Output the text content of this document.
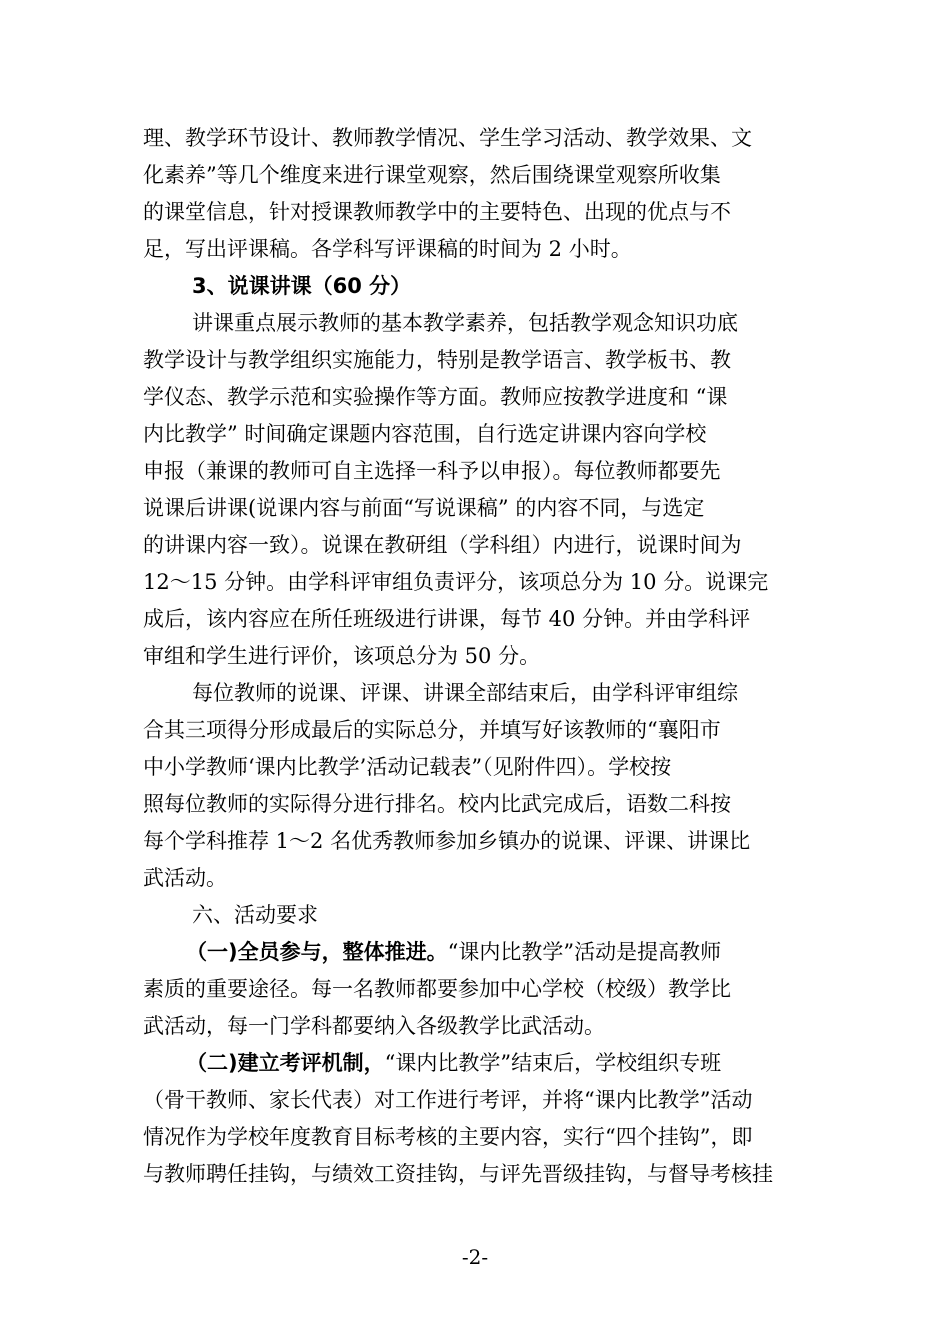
理、教学环节设计、教师教学情况、学生学习活动、教学效果、文
化素养”等几个维度来进行课堂观察，然后围绕课堂观察所收集
的课堂信息，针对授课教师教学中的主要特色、出现的优点与不
足，写出评课稿。各学科写评课稿的时间为 2 小时。
3、说课讲课（60 分）
讲课重点展示教师的基本教学素养，包括教学观念知识功底
教学设计与教学组织实施能力，特别是教学语言、教学板书、教
学仪态、教学示范和实验操作等方面。教师应按教学进度和 “课
内比教学” 时间确定课题内容范围，自行选定讲课内容向学校
申报（兼课的教师可自主选择一科予以申报）。每位教师都要先
说课后讲课(说课内容与前面“写说课稿” 的内容不同，与选定
的讲课内容一致）。说课在教研组（学科组）内进行，说课时间为
12～15 分钟。由学科评审组负责评分，该项总分为 10 分。说课完
成后，该内容应在所任班级进行讲课，每节 40 分钟。并由学科评
审组和学生进行评价，该项总分为 50 分。
每位教师的说课、评课、讲课全部结束后，由学科评审组综
合其三项得分形成最后的实际总分，并填写好该教师的“襄阳市
中小学教师‘课内比教学’活动记载表”（见附件四）。学校按
照每位教师的实际得分进行排名。校内比武完成后，语数二科按
每个学科推荐 1～2 名优秀教师参加乡镇办的说课、评课、讲课比
武活动。
六、活动要求
（一)全员参与，整体推进。“课内比教学”活动是提高教师
素质的重要途径。每一名教师都要参加中心学校（校级）教学比
武活动，每一门学科都要纳入各级教学比武活动。
（二)建立考评机制，“课内比教学”结束后，学校组织专班
（骨干教师、家长代表）对工作进行考评，并将“课内比教学”活动
情况作为学校年度教育目标考核的主要内容，实行“四个挂钩”，即
与教师聘任挂钩，与绩效工资挂钩，与评先晋级挂钩，与督导考核挂
-2-
